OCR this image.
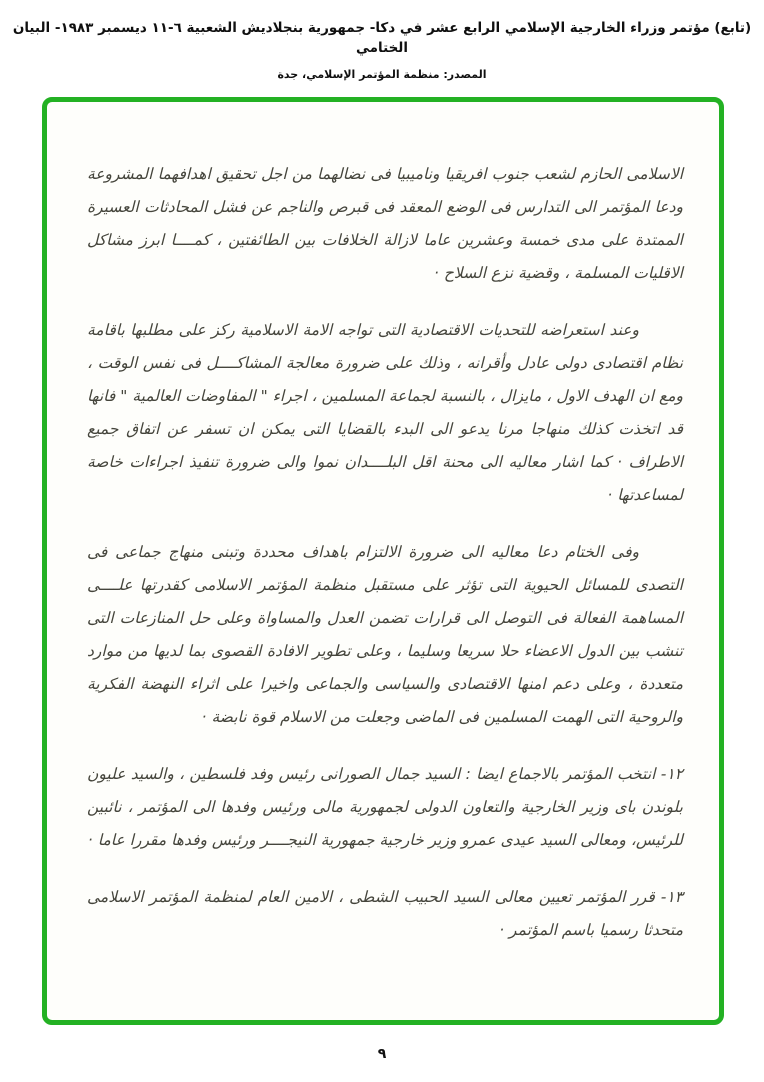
(تابع) مؤتمر وزراء الخارجية الإسلامي الرابع عشر في دكا- جمهورية بنجلاديش الشعبية ٦-١١ ديسمبر ١٩٨٣- البيان الختامي
المصدر: منظمة المؤتمر الإسلامي، جدة

الاسلامى الحازم لشعب جنوب افريقيا وناميبيا فى نضالهما من اجل تحقيق اهدافهما المشروعة ودعا المؤتمر الى التدارس فى الوضع المعقد فى قبرص والناجم عن فشل المحادثات العسيرة الممتدة على مدى خمسة وعشرين عاما لازالة الخلافات بين الطائفتين ، كمــــا ابرز مشاكل الاقليات المسلمة ، وقضية نزع السلاح ·

وعند استعراضه للتحديات الاقتصادية التى تواجه الامة الاسلامية ركز على مطلبها باقامة نظام اقتصادى دولى عادل وأقرانه ، وذلك على ضرورة معالجة المشاكــــل فى نفس الوقت ، ومع ان الهدف الاول ، مايزال ، بالنسبة لجماعة المسلمين ، اجراء " المفاوضات العالمية " فانها قد اتخذت كذلك منهاجا مرنا يدعو الى البدء بالقضايا التى يمكن ان تسفر عن اتفاق جميع الاطراف · كما اشار معاليه الى محنة اقل البلــــدان نموا والى ضرورة تنفيذ اجراءات خاصة لمساعدتها ·

وفى الختام دعا معاليه الى ضرورة الالتزام باهداف محددة وتبنى منهاج جماعى فى التصدى للمسائل الحيوية التى تؤثر على مستقبل منظمة المؤتمر الاسلامى كقدرتها علــــى المساهمة الفعالة فى التوصل الى قرارات تضمن العدل والمساواة وعلى حل المنازعات التى تنشب بين الدول الاعضاء حلا سريعا وسليما ، وعلى تطوير الافادة القصوى بما لديها من موارد متعددة ، وعلى دعم امنها الاقتصادى والسياسى والجماعى واخيرا على اثراء النهضة الفكرية والروحية التى الهمت المسلمين فى الماضى وجعلت من الاسلام قوة نابضة ·

١٢- انتخب المؤتمر بالاجماع ايضا : السيد جمال الصورانى رئيس وفد فلسطين ، والسيد عليون بلوندن باى وزير الخارجية والتعاون الدولى لجمهورية مالى ورئيس وفدها الى المؤتمر ، نائبين للرئيس، ومعالى السيد عيدى عمرو وزير خارجية جمهورية النيجــــر ورئيس وفدها مقررا عاما ·

١٣- قرر المؤتمر تعيين معالى السيد الحبيب الشطى ، الامين العام لمنظمة المؤتمر الاسلامى متحدثا رسميا باسم المؤتمر ·

٩
